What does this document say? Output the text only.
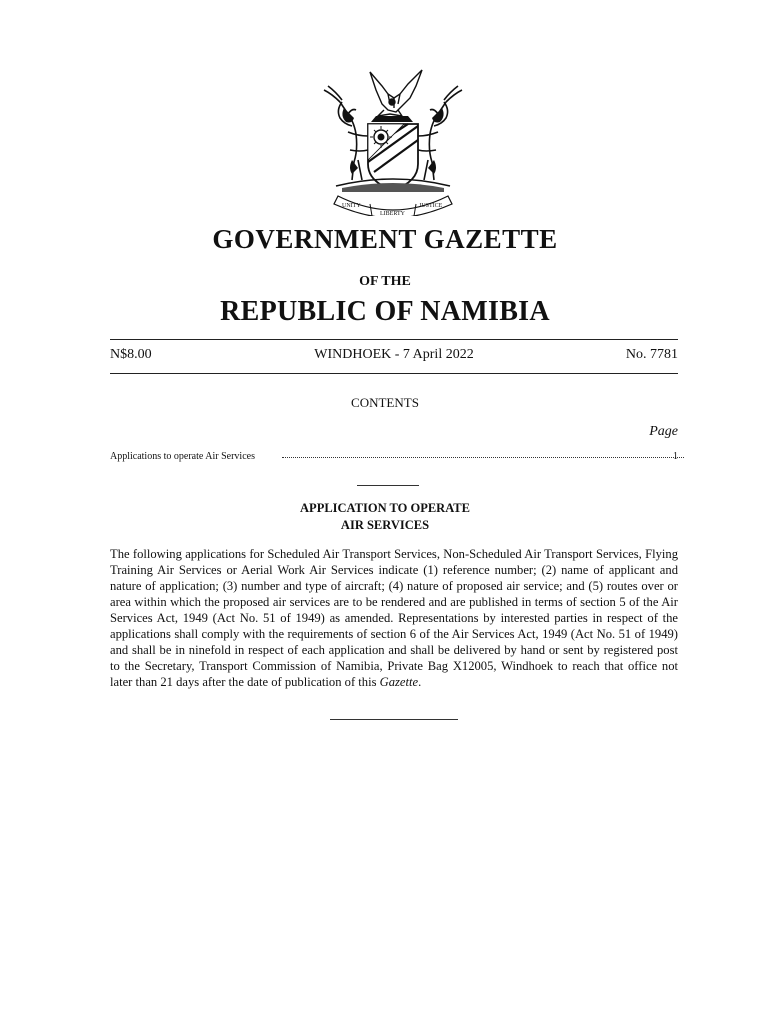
UNITY
LIBERTY
JUSTICE
GOVERNMENT GAZETTE
OF THE
REPUBLIC OF NAMIBIA
N$8.00	WINDHOEK - 7 April 2022	No. 7781
CONTENTS
Page
Applications to operate Air Services	1
APPLICATION TO OPERATE
AIR SERVICES
The following applications for Scheduled Air Transport Services, Non-Scheduled Air Transport Services, Flying Training Air Services or Aerial Work Air Services indicate (1) reference number; (2) name of applicant and nature of application; (3) number and type of aircraft; (4) nature of proposed air service; and (5) routes over or area within which the proposed air services are to be rendered and are published in terms of section 5 of the Air Services Act, 1949 (Act No. 51 of 1949) as amended. Representations by interested parties in respect of the applications shall comply with the requirements of section 6 of the Air Services Act, 1949 (Act No. 51 of 1949) and shall be in ninefold in respect of each application and shall be delivered by hand or sent by registered post to the Secretary, Transport Commission of Namibia, Private Bag X12005, Windhoek to reach that office not later than 21 days after the date of publication of this Gazette.
